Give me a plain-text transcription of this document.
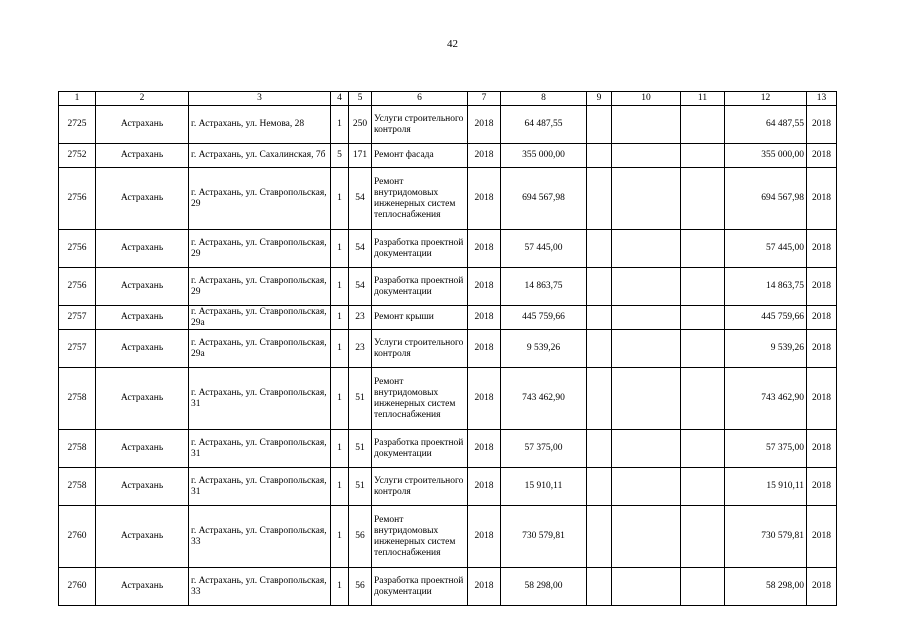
42
1	2	3	4	5	6	7	8	9	10	11	12	13
2725	Астрахань	г. Астрахань, ул. Немова, 28	1	250	Услуги строительного контроля	2018	64 487,55				64 487,55	2018
2752	Астрахань	г. Астрахань, ул. Сахалинская, 7б	5	171	Ремонт фасада	2018	355 000,00				355 000,00	2018
2756	Астрахань	г. Астрахань, ул. Ставропольская, 29	1	54	Ремонт внутридомовых инженерных систем теплоснабжения	2018	694 567,98				694 567,98	2018
2756	Астрахань	г. Астрахань, ул. Ставропольская, 29	1	54	Разработка проектной документации	2018	57 445,00				57 445,00	2018
2756	Астрахань	г. Астрахань, ул. Ставропольская, 29	1	54	Разработка проектной документации	2018	14 863,75				14 863,75	2018
2757	Астрахань	г. Астрахань, ул. Ставропольская, 29а	1	23	Ремонт крыши	2018	445 759,66				445 759,66	2018
2757	Астрахань	г. Астрахань, ул. Ставропольская, 29а	1	23	Услуги строительного контроля	2018	9 539,26				9 539,26	2018
2758	Астрахань	г. Астрахань, ул. Ставропольская, 31	1	51	Ремонт внутридомовых инженерных систем теплоснабжения	2018	743 462,90				743 462,90	2018
2758	Астрахань	г. Астрахань, ул. Ставропольская, 31	1	51	Разработка проектной документации	2018	57 375,00				57 375,00	2018
2758	Астрахань	г. Астрахань, ул. Ставропольская, 31	1	51	Услуги строительного контроля	2018	15 910,11				15 910,11	2018
2760	Астрахань	г. Астрахань, ул. Ставропольская, 33	1	56	Ремонт внутридомовых инженерных систем теплоснабжения	2018	730 579,81				730 579,81	2018
2760	Астрахань	г. Астрахань, ул. Ставропольская, 33	1	56	Разработка проектной документации	2018	58 298,00				58 298,00	2018
